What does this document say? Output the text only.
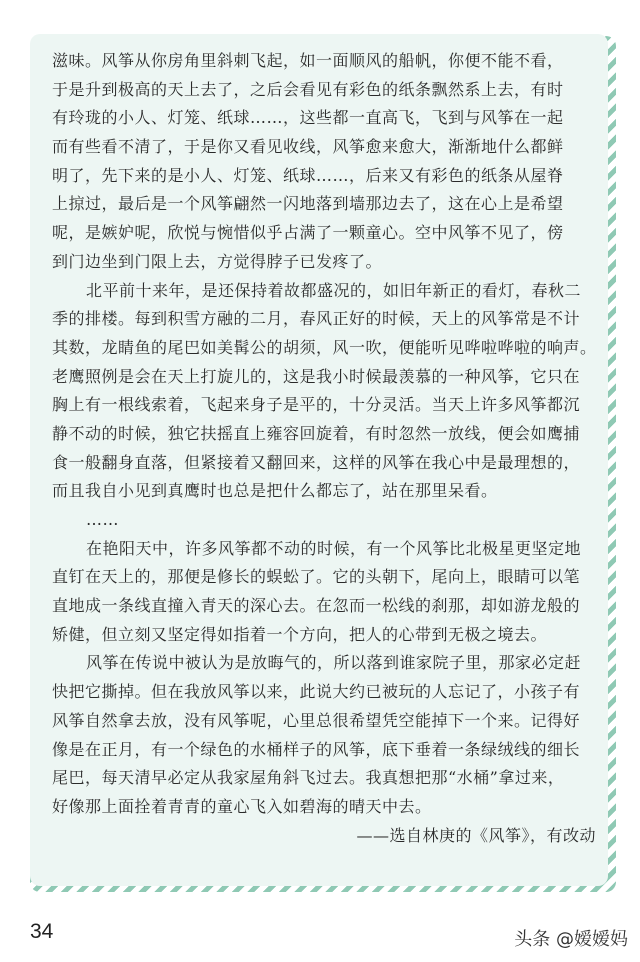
滋味。风筝从你房角里斜刺飞起，如一面顺风的船帆，你便不能不看，
于是升到极高的天上去了，之后会看见有彩色的纸条飘然系上去，有时
有玲珑的小人、灯笼、纸球……，这些都一直高飞，飞到与风筝在一起
而有些看不清了，于是你又看见收线，风筝愈来愈大，渐渐地什么都鲜
明了，先下来的是小人、灯笼、纸球……，后来又有彩色的纸条从屋脊
上掠过，最后是一个风筝翩然一闪地落到墙那边去了，这在心上是希望
呢，是嫉妒呢，欣悦与惋惜似乎占满了一颗童心。空中风筝不见了，傍
到门边坐到门限上去，方觉得脖子已发疼了。
北平前十来年，是还保持着故都盛况的，如旧年新正的看灯，春秋二
季的排楼。每到积雪方融的二月，春风正好的时候，天上的风筝常是不计
其数，龙睛鱼的尾巴如美髯公的胡须，风一吹，便能听见哗啦哗啦的响声。
老鹰照例是会在天上打旋儿的，这是我小时候最羡慕的一种风筝，它只在
胸上有一根线索着，飞起来身子是平的，十分灵活。当天上许多风筝都沉
静不动的时候，独它扶摇直上雍容回旋着，有时忽然一放线，便会如鹰捕
食一般翻身直落，但紧接着又翻回来，这样的风筝在我心中是最理想的，
而且我自小见到真鹰时也总是把什么都忘了，站在那里呆看。
……
在艳阳天中，许多风筝都不动的时候，有一个风筝比北极星更坚定地
直钉在天上的，那便是修长的蜈蚣了。它的头朝下，尾向上，眼睛可以笔
直地成一条线直撞入青天的深心去。在忽而一松线的刹那，却如游龙般的
矫健，但立刻又坚定得如指着一个方向，把人的心带到无极之境去。
风筝在传说中被认为是放晦气的，所以落到谁家院子里，那家必定赶
快把它撕掉。但在我放风筝以来，此说大约已被玩的人忘记了，小孩子有
风筝自然拿去放，没有风筝呢，心里总很希望凭空能掉下一个来。记得好
像是在正月，有一个绿色的水桶样子的风筝，底下垂着一条绿绒线的细长
尾巴，每天清早必定从我家屋角斜飞过去。我真想把那“水桶”拿过来，
好像那上面拴着青青的童心飞入如碧海的晴天中去。
——选自林庚的《风筝》，有改动
34	头条 @嫒嫒妈
